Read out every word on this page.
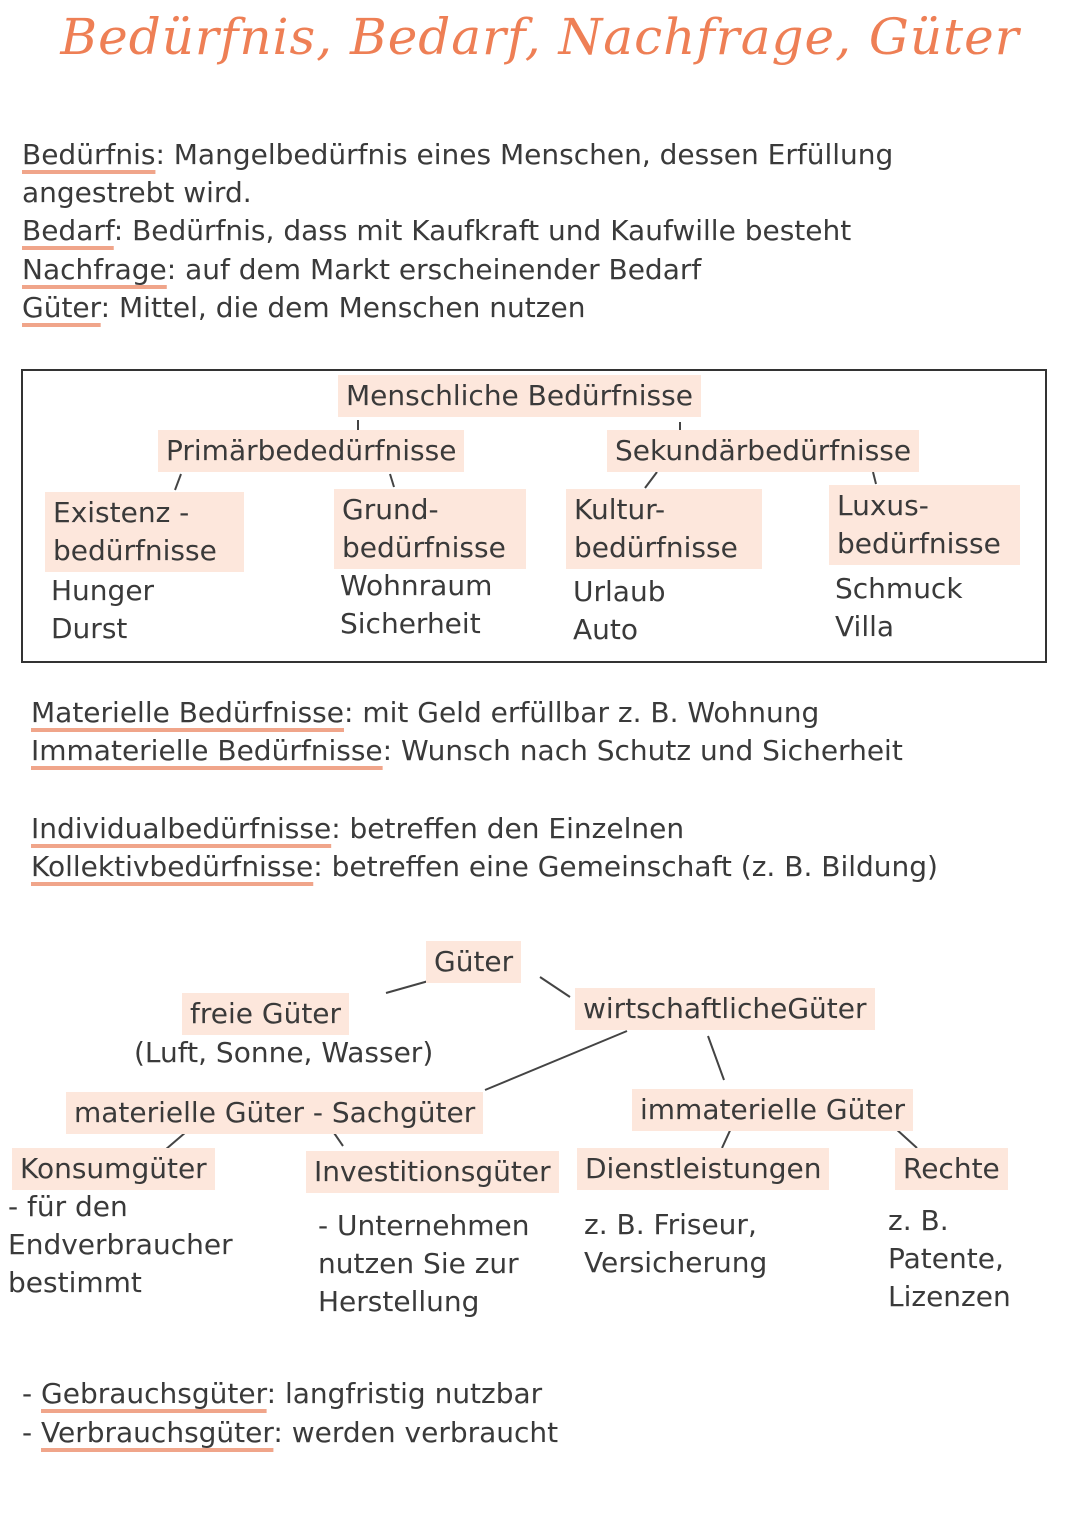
Bedürfnis, Bedarf, Nachfrage, Güter
Bedürfnis: Mangelbedürfnis eines Menschen, dessen Erfüllung
angestrebt wird.
Bedarf: Bedürfnis, dass mit Kaufkraft und Kaufwille besteht
Nachfrage: auf dem Markt erscheinender Bedarf
Güter: Mittel, die dem Menschen nutzen
Menschliche Bedürfnisse
Primärbededürfnisse	Sekundärbedürfnisse
Existenz -
bedürfnisse
Hunger
Durst
Grund-
bedürfnisse
Wohnraum
Sicherheit
Kultur-
bedürfnisse
Urlaub
Auto
Luxus-
bedürfnisse
Schmuck
Villa
Materielle Bedürfnisse: mit Geld erfüllbar z. B. Wohnung
Immaterielle Bedürfnisse: Wunsch nach Schutz und Sicherheit
Individualbedürfnisse: betreffen den Einzelnen
Kollektivbedürfnisse: betreffen eine Gemeinschaft (z. B. Bildung)
Güter
freie Güter
(Luft, Sonne, Wasser)
wirtschaftlicheGüter
materielle Güter - Sachgüter	immaterielle Güter
Konsumgüter
- für den
Endverbraucher
bestimmt
Investitionsgüter
- Unternehmen
nutzen Sie zur
Herstellung
Dienstleistungen
z. B. Friseur,
Versicherung
Rechte
z. B.
Patente,
Lizenzen
- Gebrauchsgüter: langfristig nutzbar
- Verbrauchsgüter: werden verbraucht
